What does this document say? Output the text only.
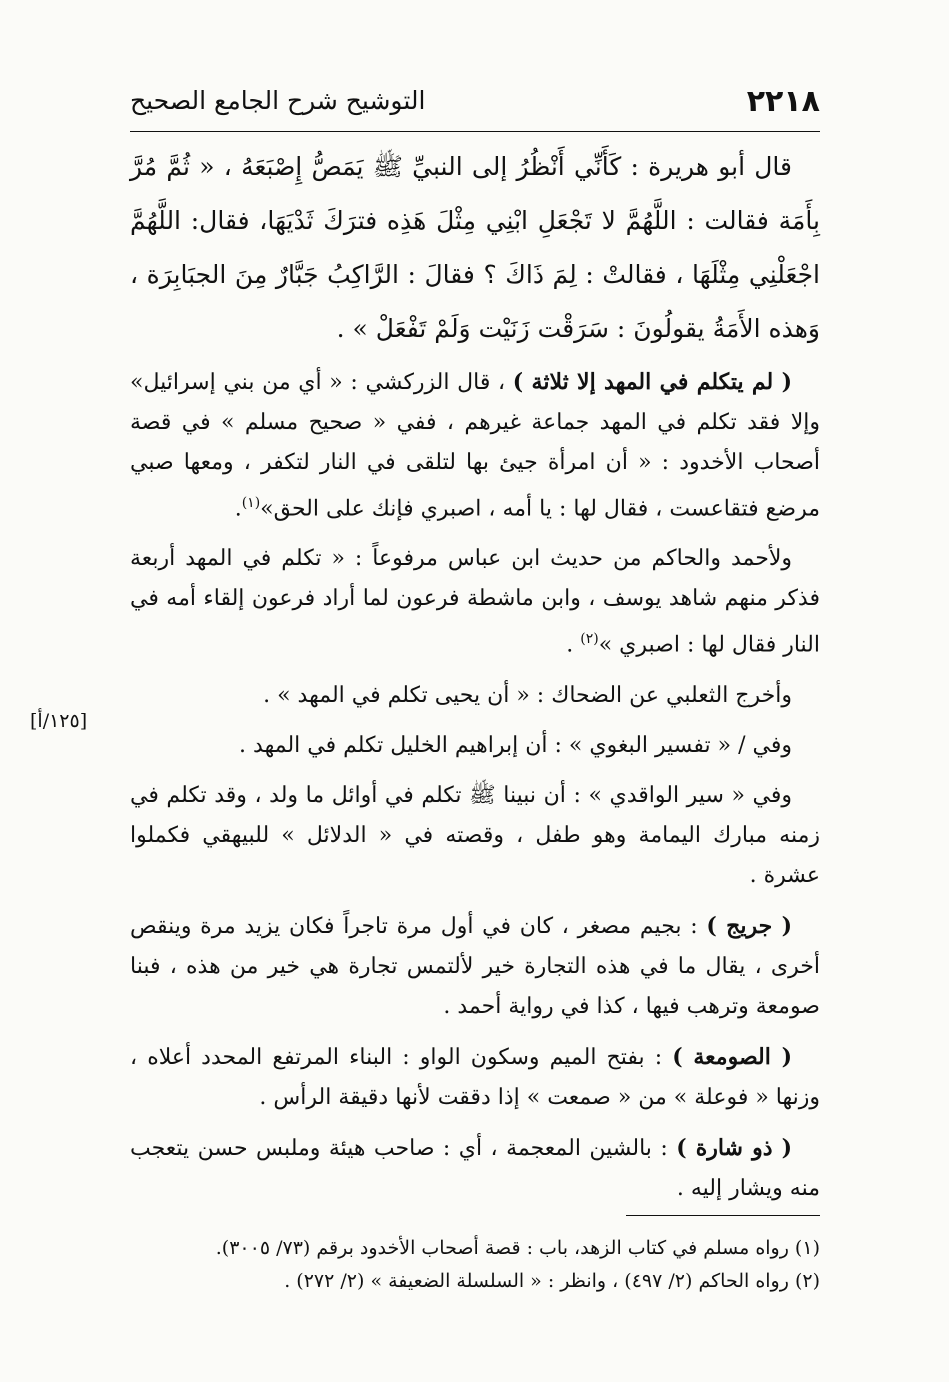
٢٢١٨
التوشيح شرح الجامع الصحيح
[١٢٥/أ]

قال أبو هريرة : كَأَنِّي أَنْظُرُ إلى النبيِّ ﷺ يَمَصُّ إِصْبَعَهُ ، « ثُمَّ مُرَّ بِأَمَة فقالت : اللَّهُمَّ لا تَجْعَلِ ابْنِي مِثْلَ هَذِه فترَكَ ثَدْيَهَا، فقال: اللَّهُمَّ اجْعَلْنِي مِثْلَهَا ، فقالتْ : لِمَ ذَاكَ ؟ فقالَ : الرَّاكِبُ جَبَّارٌ مِنَ الجبَابِرَة ، وَهذه الأَمَةُ يقولُونَ : سَرَقْت زَنَيْت وَلَمْ تَفْعَلْ » .

( لم يتكلم في المهد إلا ثلاثة ) ، قال الزركشي : « أي من بني إسرائيل» وإلا فقد تكلم في المهد جماعة غيرهم ، ففي « صحيح مسلم » في قصة أصحاب الأخدود : « أن امرأة جيئ بها لتلقى في النار لتكفر ، ومعها صبي مرضع فتقاعست ، فقال لها : يا أمه ، اصبري فإنك على الحق»$^{(١)}$.

ولأحمد والحاكم من حديث ابن عباس مرفوعاً : « تكلم في المهد أربعة فذكر منهم شاهد يوسف ، وابن ماشطة فرعون لما أراد فرعون إلقاء أمه في النار فقال لها : اصبري »$^{(٢)}$ .

وأخرج الثعلبي عن الضحاك : « أن يحيى تكلم في المهد » .

وفي / « تفسير البغوي » : أن إبراهيم الخليل تكلم في المهد .

وفي « سير الواقدي » : أن نبينا ﷺ تكلم في أوائل ما ولد ، وقد تكلم في زمنه مبارك اليمامة وهو طفل ، وقصته في « الدلائل » للبيهقي فكملوا عشرة .

( جريج ) : بجيم مصغر ، كان في أول مرة تاجراً فكان يزيد مرة وينقص أخرى ، يقال ما في هذه التجارة خير لألتمس تجارة هي خير من هذه ، فبنا صومعة وترهب فيها ، كذا في رواية أحمد .

( الصومعة ) : بفتح الميم وسكون الواو : البناء المرتفع المحدد أعلاه ، وزنها « فوعلة » من « صمعت » إذا دققت لأنها دقيقة الرأس .

( ذو شارة ) : بالشين المعجمة ، أي : صاحب هيئة وملبس حسن يتعجب منه ويشار إليه .

(١) رواه مسلم في كتاب الزهد، باب : قصة أصحاب الأخدود برقم (٧٣/ ٣٠٠٥).

(٢) رواه الحاكم (٢/ ٤٩٧) ، وانظر : « السلسلة الضعيفة » (٢/ ٢٧٢) .
